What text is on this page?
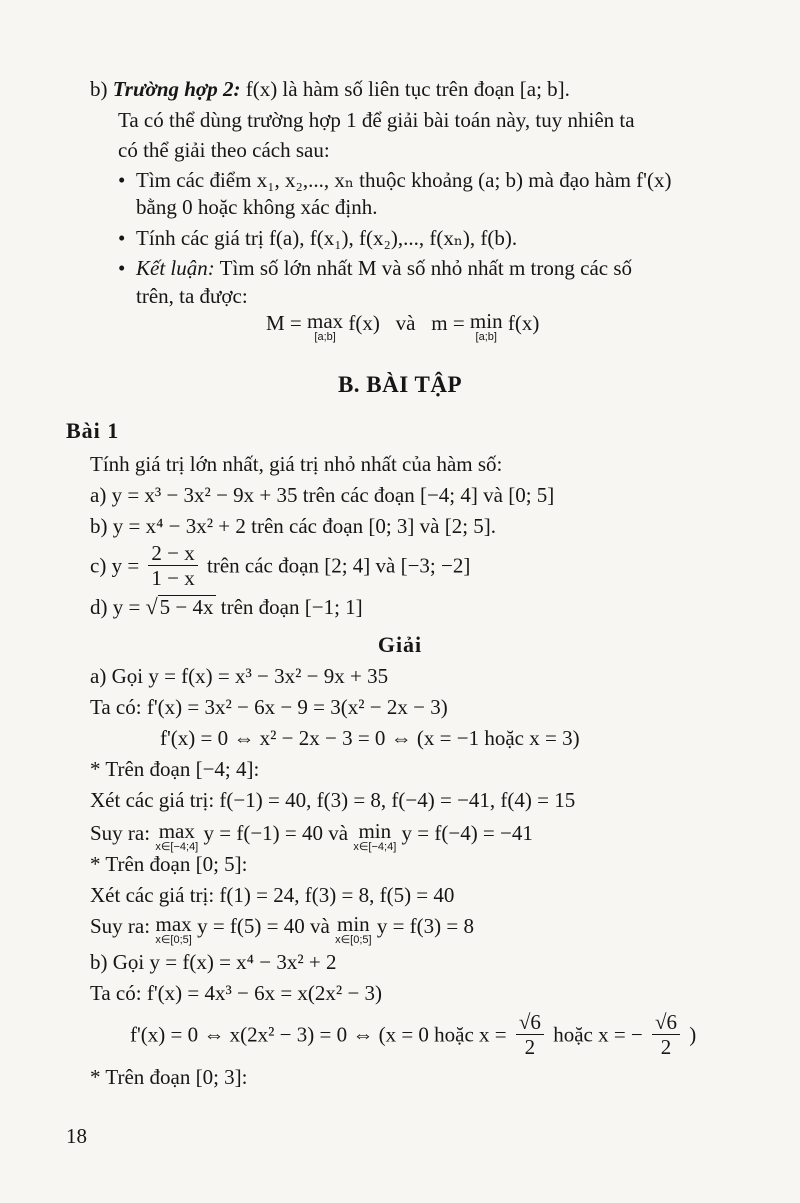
b) Trường hợp 2: f(x) là hàm số liên tục trên đoạn [a; b].
Ta có thể dùng trường hợp 1 để giải bài toán này, tuy nhiên ta
có thể giải theo cách sau:
• Tìm các điểm x₁, x₂,..., xₙ thuộc khoảng (a; b) mà đạo hàm f'(x)
bằng 0 hoặc không xác định.
• Tính các giá trị f(a), f(x₁), f(x₂),..., f(xₙ), f(b).
• Kết luận: Tìm số lớn nhất M và số nhỏ nhất m trong các số
trên, ta được:
M = max
[a;b]
f(x) và m = min
[a;b]
f(x)
B. BÀI TẬP
Bài 1
Tính giá trị lớn nhất, giá trị nhỏ nhất của hàm số:
a) y = x³ − 3x² − 9x + 35 trên các đoạn [−4; 4] và [0; 5]
b) y = x⁴ − 3x² + 2 trên các đoạn [0; 3] và [2; 5].
c) $y = \frac{2 - x}{1 - x}$ trên các đoạn [2; 4] và [−3; −2]
d) y = √5 − 4x trên đoạn [−1; 1]
Giải
a) Gọi y = f(x) = x³ − 3x² − 9x + 35
Ta có: f'(x) = 3x² − 6x − 9 = 3(x² − 2x − 3)
f'(x) = 0 ⇔ x² − 2x − 3 = 0 ⇔ (x = −1 hoặc x = 3)
* Trên đoạn [−4; 4]:
Xét các giá trị: f(−1) = 40, f(3) = 8, f(−4) = −41, f(4) = 15
Suy ra: max
x∈[−4;4]
y = f(−1) = 40 và min
x∈[−4;4]
y = f(−4) = −41
* Trên đoạn [0; 5]:
Xét các giá trị: f(1) = 24, f(3) = 8, f(5) = 40
Suy ra: max
x∈[0;5]
y = f(5) = 40 và min
x∈[0;5]
y = f(3) = 8
b) Gọi y = f(x) = x⁴ − 3x² + 2
Ta có: f'(x) = 4x³ − 6x = x(2x² − 3)
f'(x) = 0 ⇔ x(2x² − 3) = 0 ⇔ (x = 0 hoặc $x = \frac{√6}{2}$ hoặc x = − $\frac{√6}{2}$ )
* Trên đoạn [0; 3]:
18
